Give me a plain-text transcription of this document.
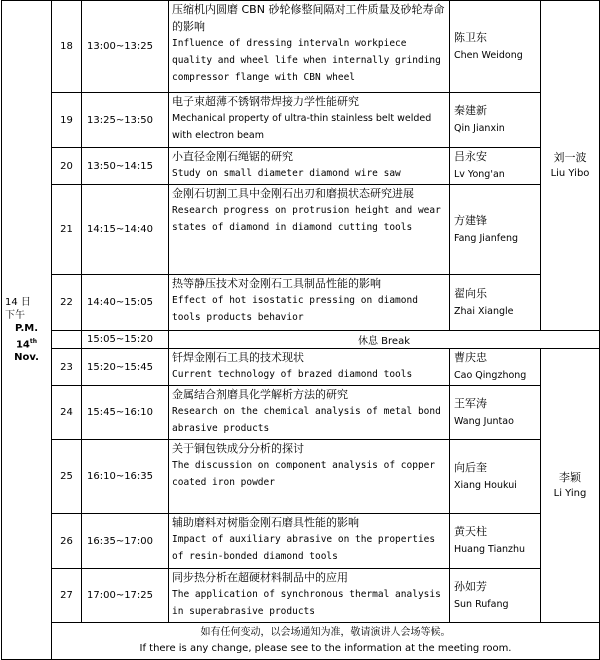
14 日
下午
P.M.
14th
Nov.	18	13:00~13:25	压缩机内圆磨 CBN 砂轮修整间隔对工件质量及砂轮寿命的影响
Influence of dressing intervaln workpiece quality and wheel life when internally grinding compressor flange with CBN wheel	陈卫东
Chen Weidong	刘一波
Liu Yibo

	19	13:25~13:50	电子束超薄不锈钢带焊接力学性能研究
Mechanical property of ultra-thin stainless belt welded with electron beam	秦建新
Qin Jianxin	

	20	13:50~14:15	小直径金刚石绳锯的研究
Study on small diameter diamond wire saw	吕永安
Lv Yong'an	

	21	14:15~14:40	金刚石切割工具中金刚石出刃和磨损状态研究进展
Research progress on protrusion height and wear states of diamond in diamond cutting tools	方建锋
Fang Jianfeng	

	22	14:40~15:05	热等静压技术对金刚石工具制品性能的影响
Effect of hot isostatic pressing on diamond tools products behavior	翟向乐
Zhai Xiangle	

		15:05~15:20	休息 Break		
	23	15:20~15:45	钎焊金刚石工具的技术现状
Current technology of brazed diamond tools	曹庆忠
Cao Qingzhong	李颖
Li Ying

	24	15:45~16:10	金属结合剂磨具化学解析方法的研究
Research on the chemical analysis of metal bond abrasive products	王军涛
Wang Juntao	

	25	16:10~16:35	关于铜包铁成分分析的探讨
The discussion on component analysis of copper
coated iron powder	向后奎
Xiang Houkui	

	26	16:35~17:00	辅助磨料对树脂金刚石磨具性能的影响
Impact of auxiliary abrasive on the properties of resin-bonded diamond tools	黄天柱
Huang Tianzhu	

	27	17:00~17:25	同步热分析在超硬材料制品中的应用
The application of synchronous thermal analysis in superabrasive products	孙如芳
Sun Rufang	

	如有任何变动，以会场通知为准，敬请演讲人会场等候。
If there is any change, please see to the information at the meeting room.				
